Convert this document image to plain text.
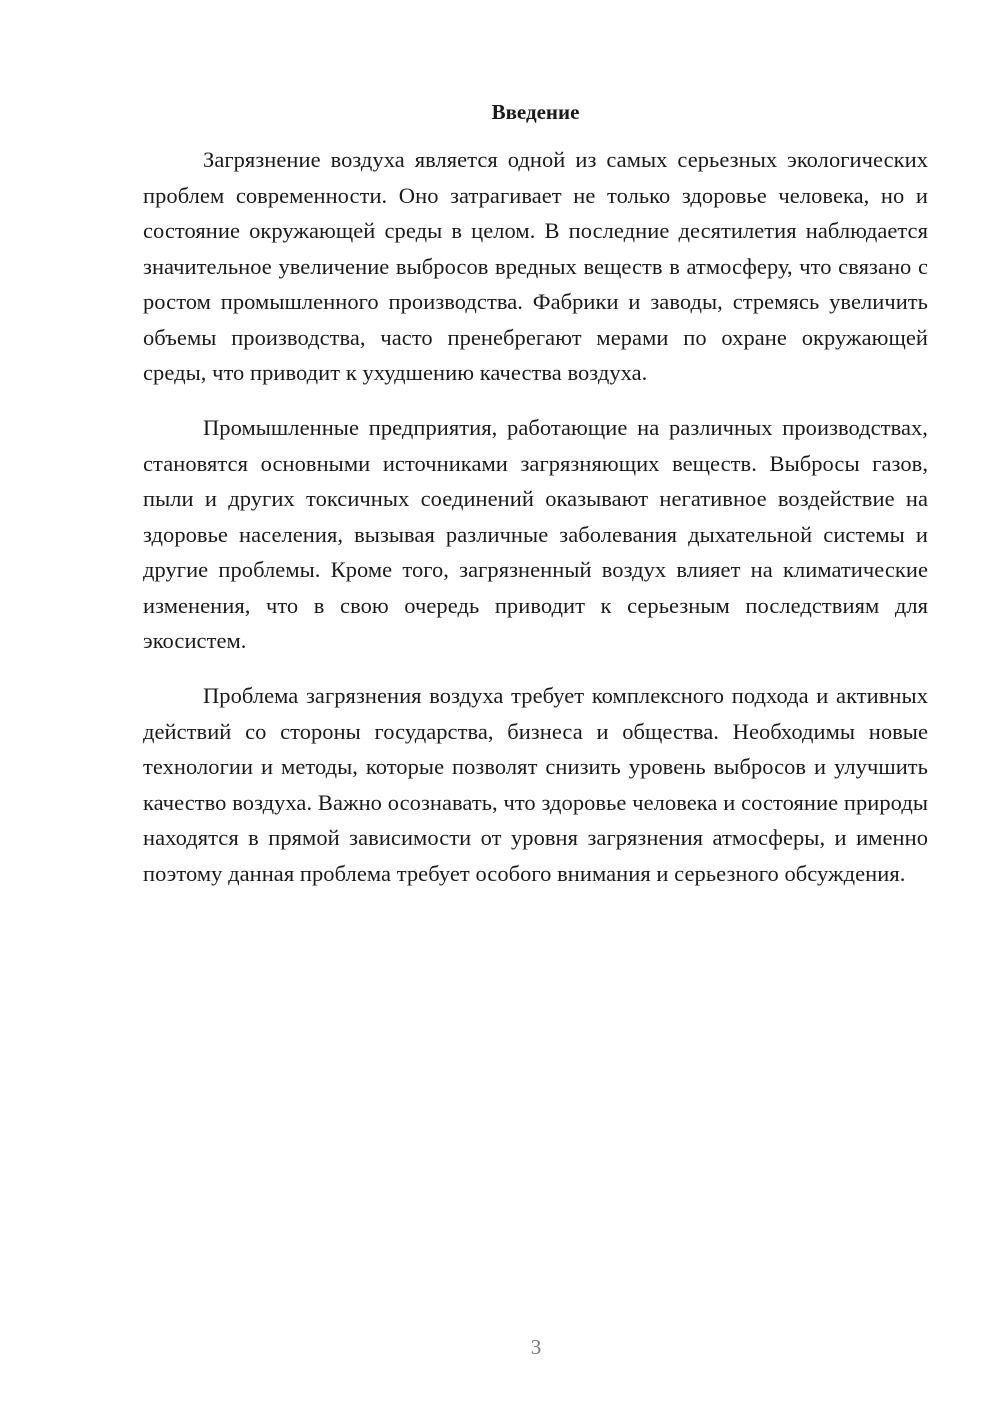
Введение

Загрязнение воздуха является одной из самых серьезных экологических проблем современности. Оно затрагивает не только здоровье человека, но и состояние окружающей среды в целом. В последние десятилетия наблюдается значительное увеличение выбросов вредных веществ в атмосферу, что связано с ростом промышленного производства. Фабрики и заводы, стремясь увеличить объемы производства, часто пренебрегают мерами по охране окружающей среды, что приводит к ухудшению качества воздуха.

Промышленные предприятия, работающие на различных производствах, становятся основными источниками загрязняющих веществ. Выбросы газов, пыли и других токсичных соединений оказывают негативное воздействие на здоровье населения, вызывая различные заболевания дыхательной системы и другие проблемы. Кроме того, загрязненный воздух влияет на климатические изменения, что в свою очередь приводит к серьезным последствиям для экосистем.

Проблема загрязнения воздуха требует комплексного подхода и активных действий со стороны государства, бизнеса и общества. Необходимы новые технологии и методы, которые позволят снизить уровень выбросов и улучшить качество воздуха. Важно осознавать, что здоровье человека и состояние природы находятся в прямой зависимости от уровня загрязнения атмосферы, и именно поэтому данная проблема требует особого внимания и серьезного обсуждения.

3
